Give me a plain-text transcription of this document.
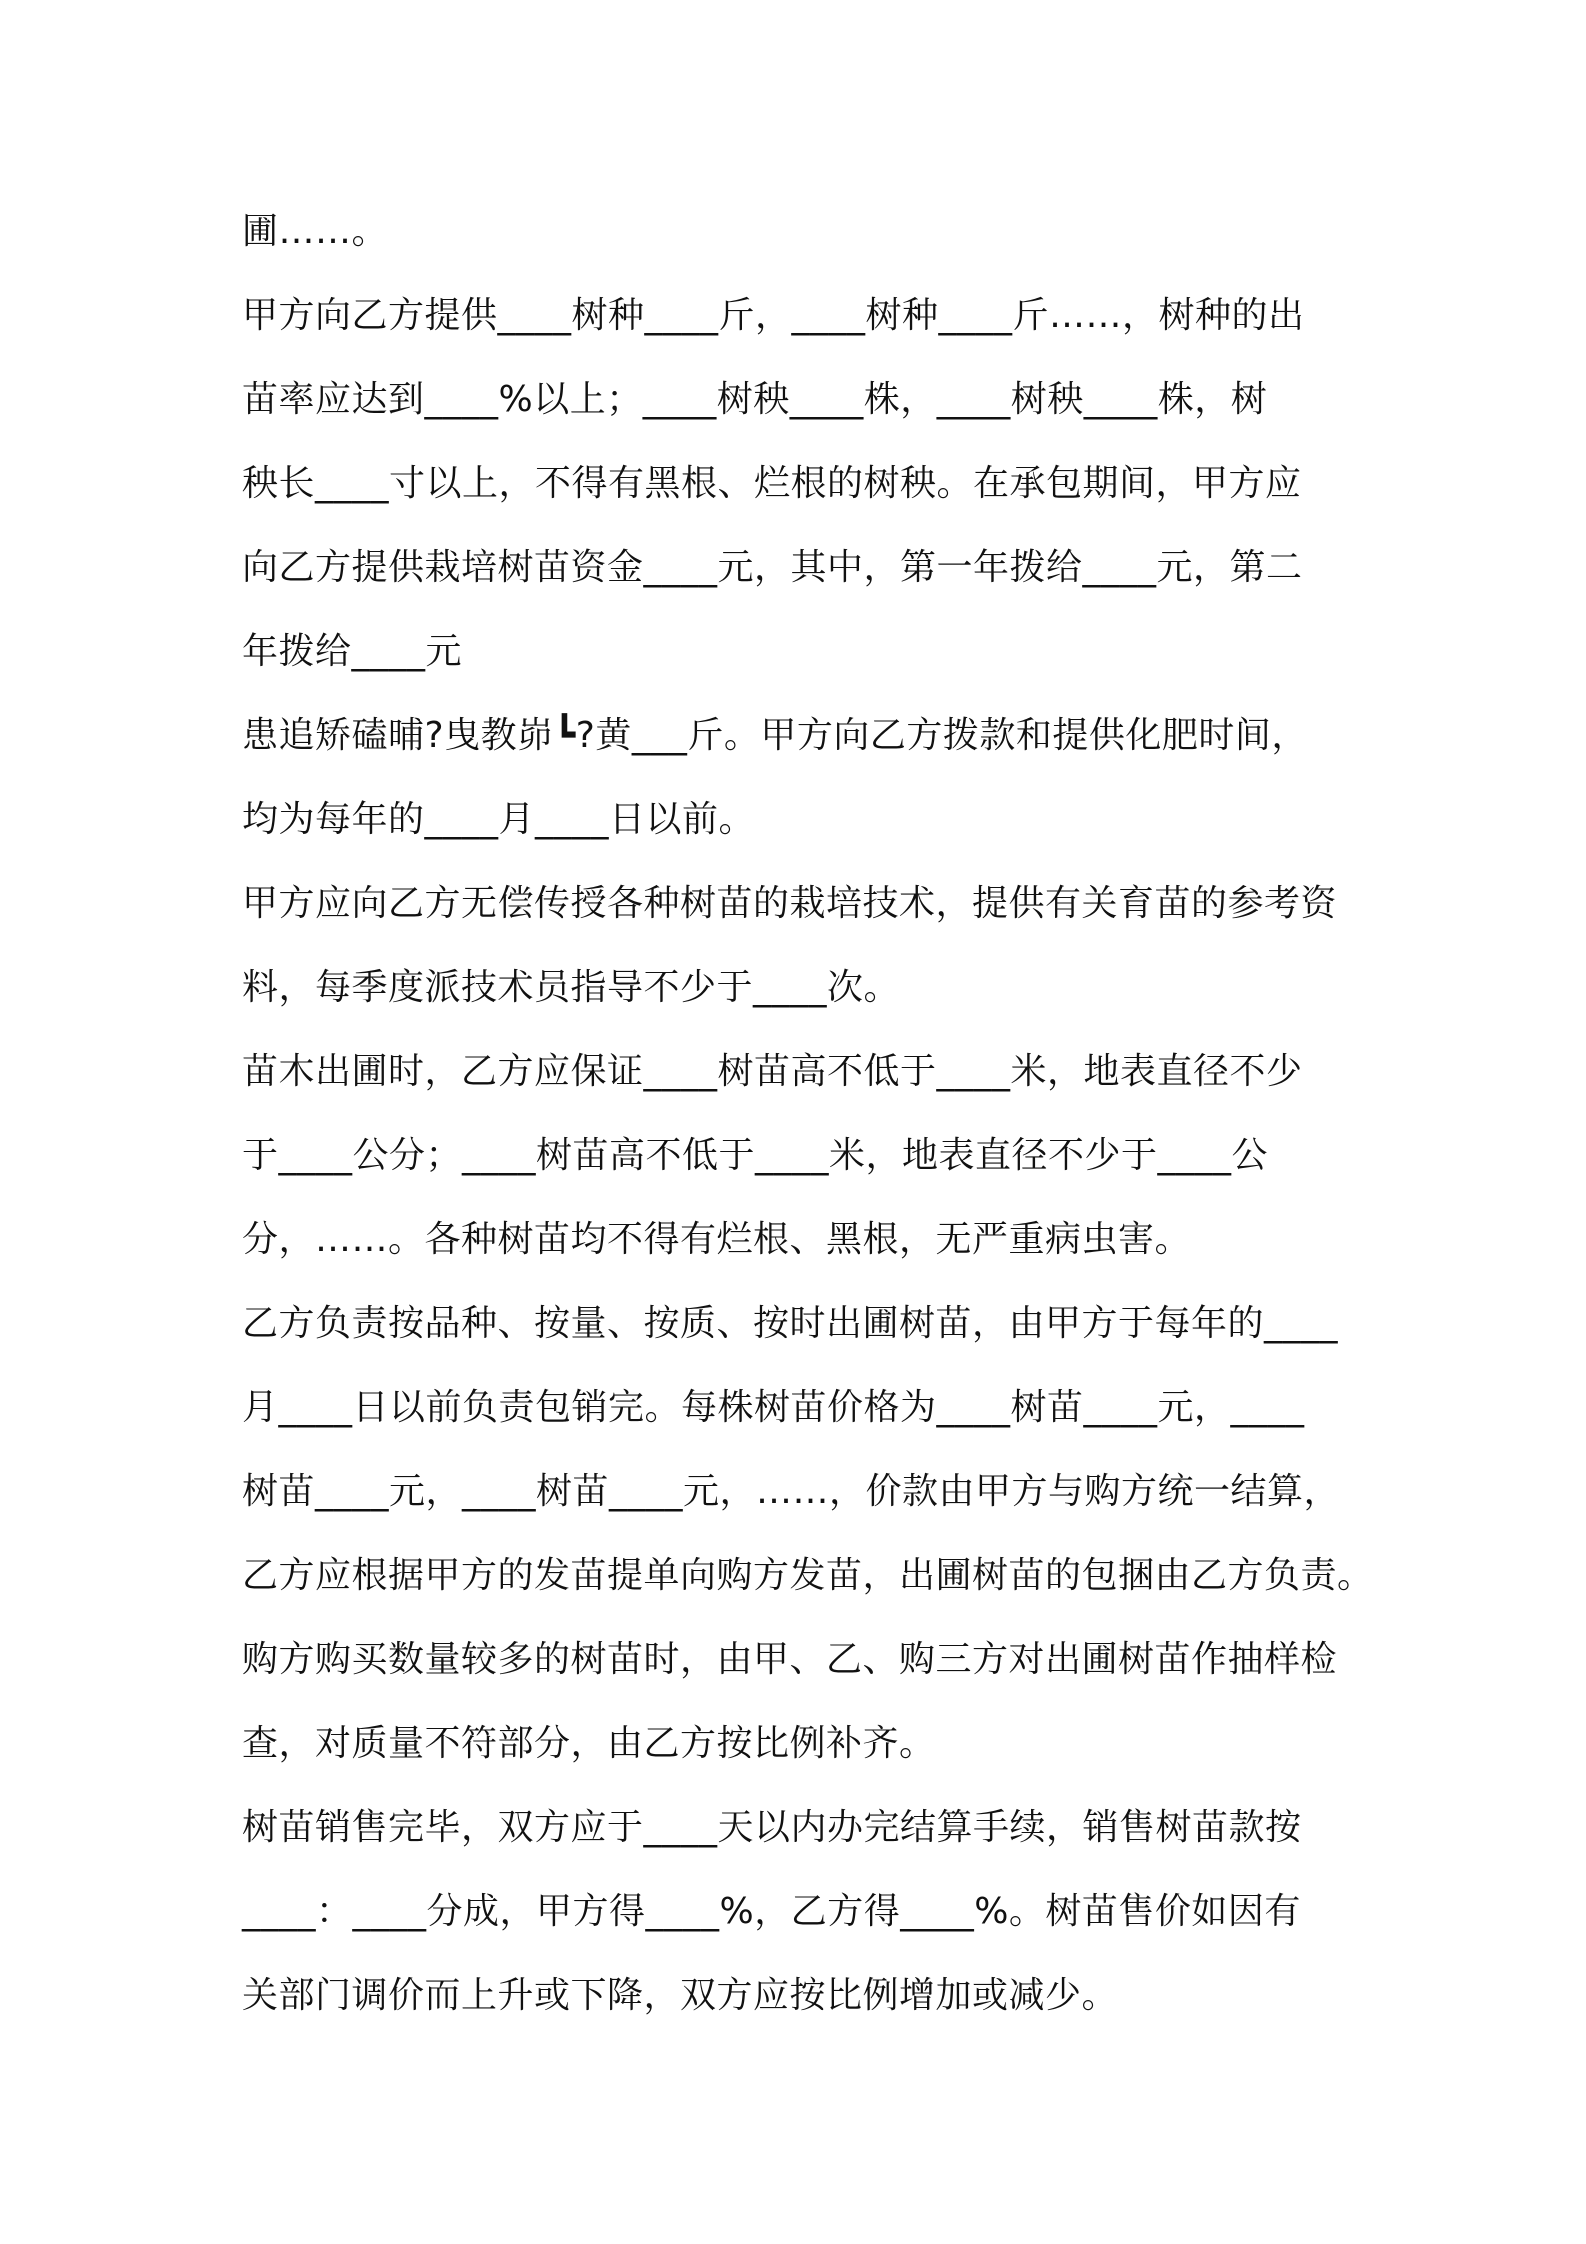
圃……。
甲方向乙方提供____树种____斤，____树种____斤……，树种的出
苗率应达到____%以上；____树秧____株，____树秧____株，树
秧长____寸以上，不得有黑根、烂根的树秧。在承包期间，甲方应
向乙方提供栽培树苗资金____元，其中，第一年拨给____元，第二
年拨给____元
患追矫磕晡?曳教峁┗?黄___斤。甲方向乙方拨款和提供化肥时间，
均为每年的____月____日以前。
甲方应向乙方无偿传授各种树苗的栽培技术，提供有关育苗的参考资
料，每季度派技术员指导不少于____次。
苗木出圃时，乙方应保证____树苗高不低于____米，地表直径不少
于____公分；____树苗高不低于____米，地表直径不少于____公
分，……。各种树苗均不得有烂根、黑根，无严重病虫害。
乙方负责按品种、按量、按质、按时出圃树苗，由甲方于每年的____
月____日以前负责包销完。每株树苗价格为____树苗____元，____
树苗____元，____树苗____元，……，价款由甲方与购方统一结算，
乙方应根据甲方的发苗提单向购方发苗，出圃树苗的包捆由乙方负责。
购方购买数量较多的树苗时，由甲、乙、购三方对出圃树苗作抽样检
查，对质量不符部分，由乙方按比例补齐。
树苗销售完毕，双方应于____天以内办完结算手续，销售树苗款按
____：____分成，甲方得____%，乙方得____%。树苗售价如因有
关部门调价而上升或下降，双方应按比例增加或减少。
